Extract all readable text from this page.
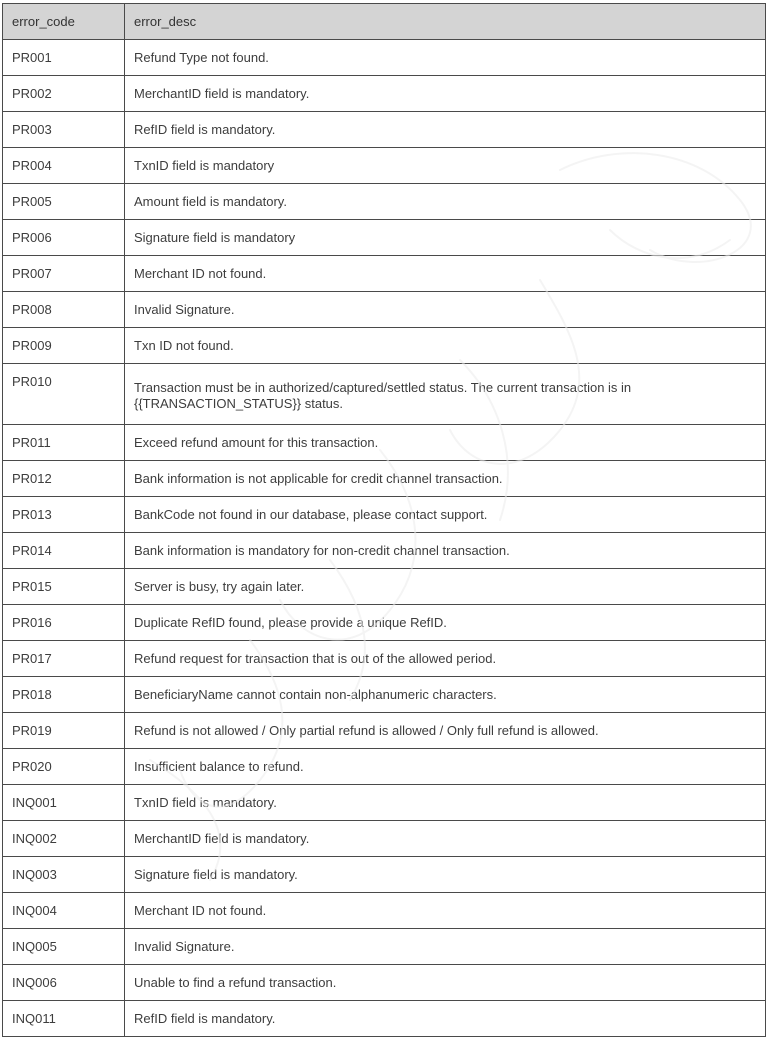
error_code	error_desc
PR001	Refund Type not found.
PR002	MerchantID field is mandatory.
PR003	RefID field is mandatory.
PR004	TxnID field is mandatory
PR005	Amount field is mandatory.
PR006	Signature field is mandatory
PR007	Merchant ID not found.
PR008	Invalid Signature.
PR009	Txn ID not found.
PR010	Transaction must be in authorized/captured/settled status. The current transaction is in {{TRANSACTION_STATUS}} status.
PR011	Exceed refund amount for this transaction.
PR012	Bank information is not applicable for credit channel transaction.
PR013	BankCode not found in our database, please contact support.
PR014	Bank information is mandatory for non-credit channel transaction.
PR015	Server is busy, try again later.
PR016	Duplicate RefID found, please provide a unique RefID.
PR017	Refund request for transaction that is out of the allowed period.
PR018	BeneficiaryName cannot contain non-alphanumeric characters.
PR019	Refund is not allowed / Only partial refund is allowed / Only full refund is allowed.
PR020	Insufficient balance to refund.
INQ001	TxnID field is mandatory.
INQ002	MerchantID field is mandatory.
INQ003	Signature field is mandatory.
INQ004	Merchant ID not found.
INQ005	Invalid Signature.
INQ006	Unable to find a refund transaction.
INQ011	RefID field is mandatory.
